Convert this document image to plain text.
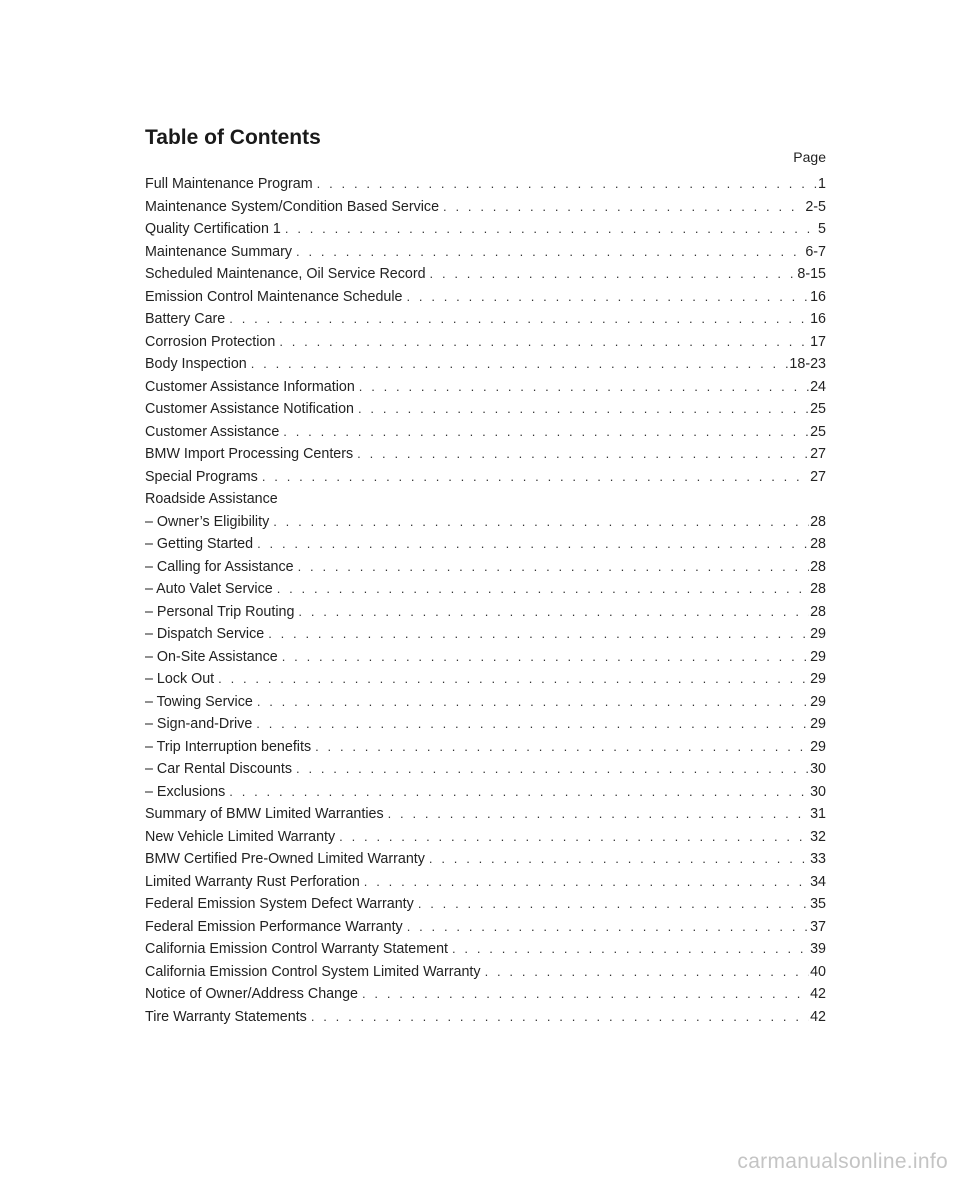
Table of Contents
Page
Full Maintenance Program . . .	1
Maintenance System/Condition Based Service . . .	2-5
Quality Certification 1 . . .	5
Maintenance Summary . . .	6-7
Scheduled Maintenance, Oil Service Record . . .	8-15
Emission Control Maintenance Schedule . . .	16
Battery Care . . .	16
Corrosion Protection . . .	17
Body Inspection . . .	18-23
Customer Assistance Information . . .	24
Customer Assistance Notification . . .	25
Customer Assistance . . .	25
BMW Import Processing Centers . . .	27
Special Programs . . .	27
Roadside Assistance
– Owner’s Eligibility . . .	28
– Getting Started . . .	28
– Calling for Assistance . . .	28
– Auto Valet Service . . .	28
– Personal Trip Routing . . .	28
– Dispatch Service . . .	29
– On-Site Assistance . . .	29
– Lock Out . . .	29
– Towing Service . . .	29
– Sign-and-Drive . . .	29
– Trip Interruption benefits . . .	29
– Car Rental Discounts . . .	30
– Exclusions . . .	30
Summary of BMW Limited Warranties . . .	31
New Vehicle Limited Warranty . . .	32
BMW Certified Pre-Owned Limited Warranty . . .	33
Limited Warranty Rust Perforation . . .	34
Federal Emission System Defect Warranty . . .	35
Federal Emission Performance Warranty . . .	37
California Emission Control Warranty Statement . . .	39
California Emission Control System Limited Warranty . . .	40
Notice of Owner/Address Change . . .	42
Tire Warranty Statements . . .	42
carmanualsonline.info
